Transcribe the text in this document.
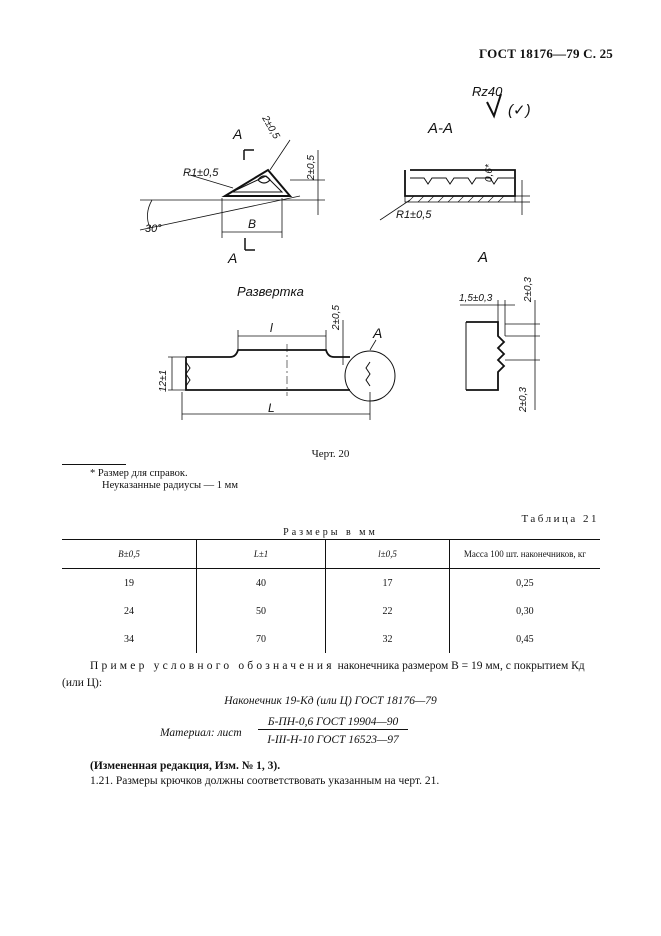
ГОСТ 18176—79 С. 25
Rz40
(✓)
А-А
А
А
R1±0,5
R1±0,5
2±0,5
2±0,5
B
30°
0,6*
А
Развертка
l	2±0,5
А
12±1
L
1,5±0,3	2±0,3
2±0,3
Черт. 20
* Размер для справок.
Неуказанные радиусы — 1 мм
Таблица 21
Размеры в мм
B±0,5	L±1	l±0,5	Масса 100 шт. наконечников, кг
19	40	17	0,25
24	50	22	0,30
34	70	32	0,45
Пример условного обозначения наконечника размером B = 19 мм, с покрытием Кд (или Ц):
Наконечник 19-Кд (или Ц) ГОСТ 18176—79
Материал: лист
Б-ПН-0,6 ГОСТ 19904—90
I-III-Н-10 ГОСТ 16523—97
(Измененная редакция, Изм. № 1, 3).
1.21. Размеры крючков должны соответствовать указанным на черт. 21.
